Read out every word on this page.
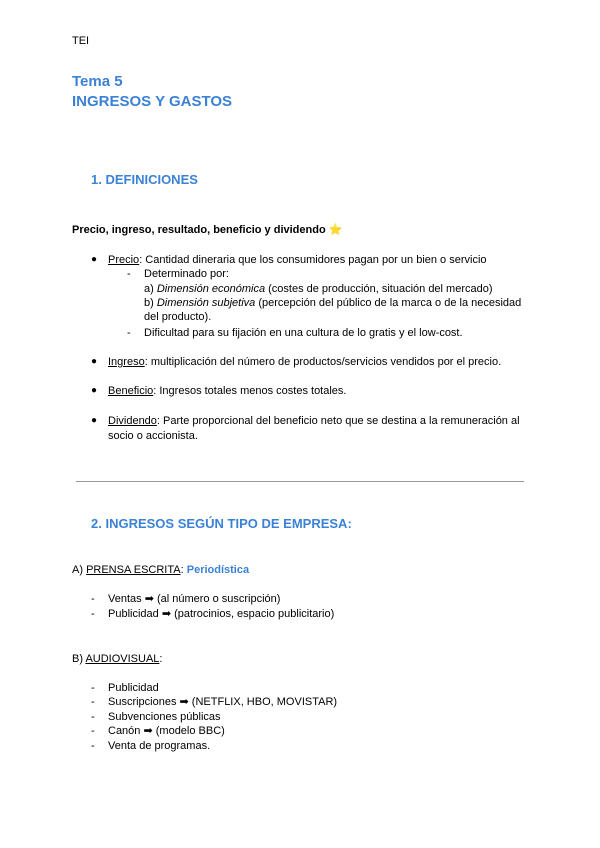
TEI
Tema 5
INGRESOS Y GASTOS
1. DEFINICIONES
Precio, ingreso, resultado, beneficio y dividendo ⭐
● Precio: Cantidad dineraria que los consumidores pagan por un bien o servicio
- Determinado por:
a) Dimensión económica (costes de producción, situación del mercado)
b) Dimensión subjetiva (percepción del público de la marca o de la necesidad
del producto).
- Dificultad para su fijación en una cultura de lo gratis y el low-cost.
● Ingreso: multiplicación del número de productos/servicios vendidos por el precio.
● Beneficio: Ingresos totales menos costes totales.
● Dividendo: Parte proporcional del beneficio neto que se destina a la remuneración al
socio o accionista.
2. INGRESOS SEGÚN TIPO DE EMPRESA:
A) PRENSA ESCRITA: Periodística
- Ventas ➡ (al número o suscripción)
- Publicidad ➡ (patrocinios, espacio publicitario)
B) AUDIOVISUAL:
- Publicidad
- Suscripciones ➡ (NETFLIX, HBO, MOVISTAR)
- Subvenciones públicas
- Canón ➡ (modelo BBC)
- Venta de programas.
